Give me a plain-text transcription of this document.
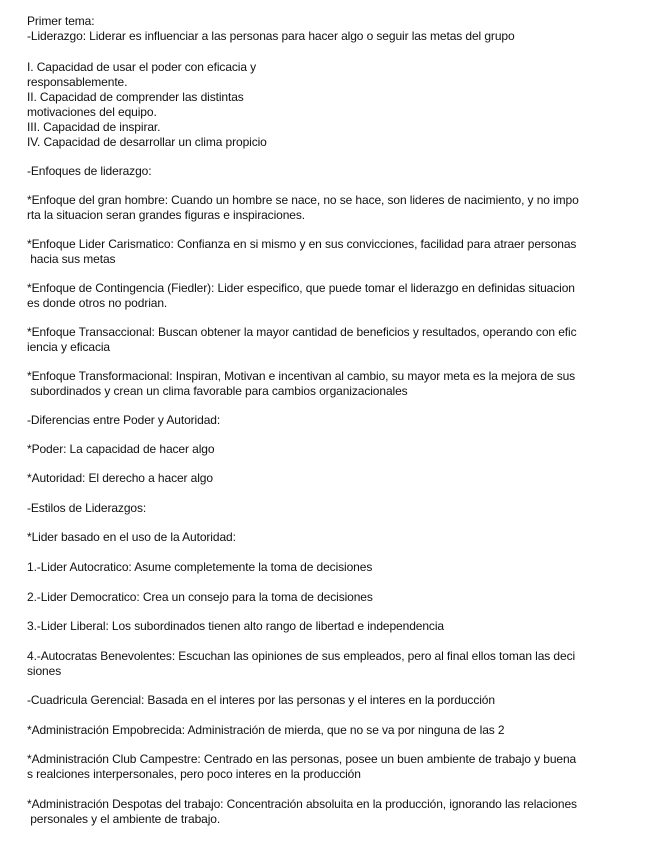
Primer tema:
-Liderazgo: Liderar es influenciar a las personas para hacer algo o seguir las metas del grupo
I. Capacidad de usar el poder con eficacia y
responsablemente.
II. Capacidad de comprender las distintas
motivaciones del equipo.
III. Capacidad de inspirar.
IV. Capacidad de desarrollar un clima propicio
-Enfoques de liderazgo:
*Enfoque del gran hombre: Cuando un hombre se nace, no se hace, son lideres de nacimiento, y no impo
rta la situacion seran grandes figuras e inspiraciones.
*Enfoque Lider Carismatico: Confianza en si mismo y en sus convicciones, facilidad para atraer personas
hacia sus metas
*Enfoque de Contingencia (Fiedler): Lider especifico, que puede tomar el liderazgo en definidas situacion
es donde otros no podrian.
*Enfoque Transaccional: Buscan obtener la mayor cantidad de beneficios y resultados, operando con efic
iencia y eficacia
*Enfoque Transformacional: Inspiran, Motivan e incentivan al cambio, su mayor meta es la mejora de sus
subordinados y crean un clima favorable para cambios organizacionales
-Diferencias entre Poder y Autoridad:
*Poder: La capacidad de hacer algo
*Autoridad: El derecho a hacer algo
-Estilos de Liderazgos:
*Lider basado en el uso de la Autoridad:
1.-Lider Autocratico: Asume completemente la toma de decisiones
2.-Lider Democratico: Crea un consejo para la toma de decisiones
3.-Lider Liberal: Los subordinados tienen alto rango de libertad e independencia
4.-Autocratas Benevolentes: Escuchan las opiniones de sus empleados, pero al final ellos toman las deci
siones
-Cuadricula Gerencial: Basada en el interes por las personas y el interes en la porducción
*Administración Empobrecida: Administración de mierda, que no se va por ninguna de las 2
*Administración Club Campestre: Centrado en las personas, posee un buen ambiente de trabajo y buena
s realciones interpersonales, pero poco interes en la producción
*Administración Despotas del trabajo: Concentración absoluita en la producción, ignorando las relaciones
personales y el ambiente de trabajo.
